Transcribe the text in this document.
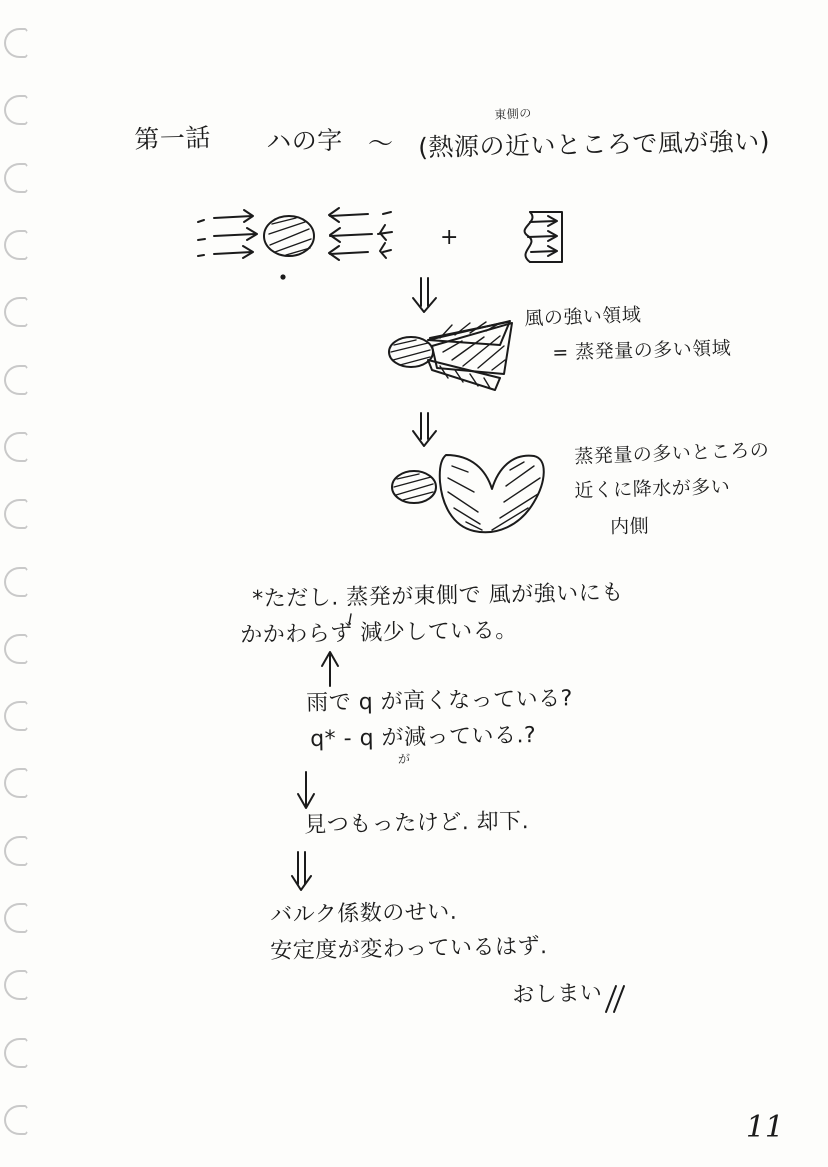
第一話 ハの字 〜
東側の
(熱源の近いところで風が強い)
+
風の強い領域
= 蒸発量の多い領域
蒸発量の多いところの
近くに降水が多い
内側
*ただし. 蒸発が東側で 風が強いにも
かかわらず 減少している。
雨で q が高くなっている?
q* - q が減っている.?
が
見つもったけど. 却下.
バルク係数のせい.
安定度が変わっているはず.
おしまい
11
